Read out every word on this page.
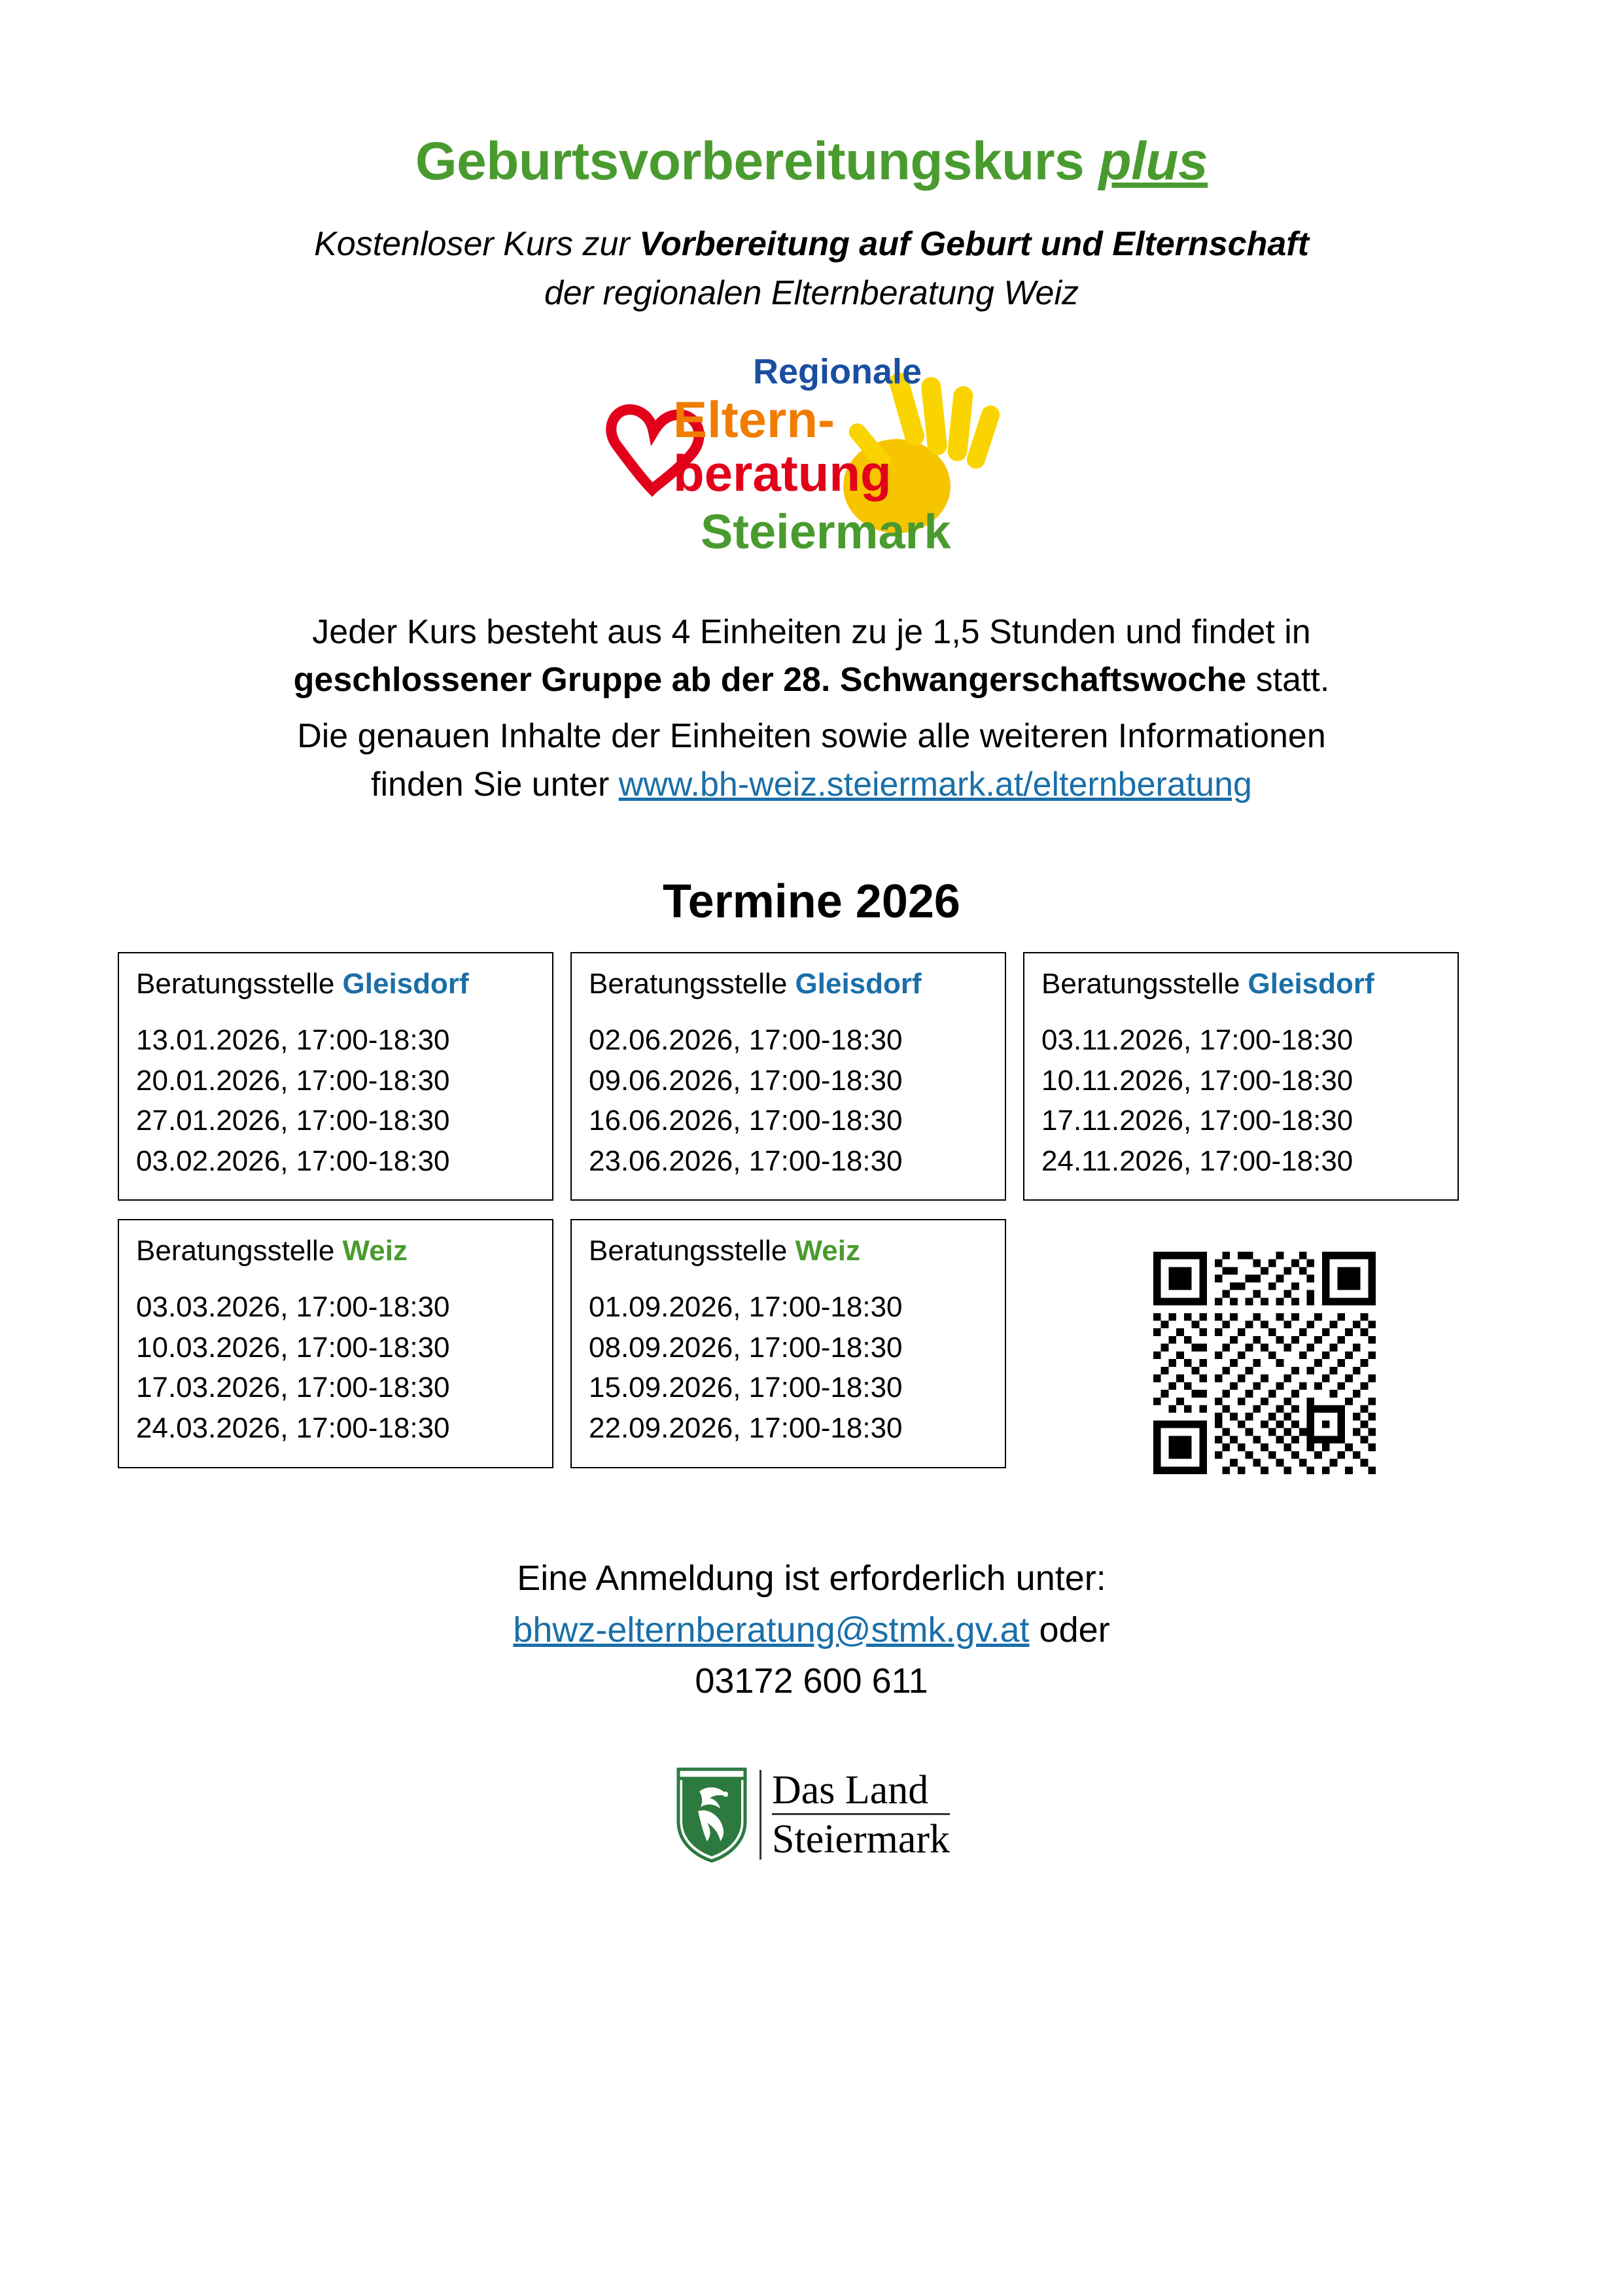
Geburtsvorbereitungskurs plus
Kostenloser Kurs zur Vorbereitung auf Geburt und Elternschaft
der regionalen Elternberatung Weiz
Regionale
Eltern-
beratung
Steiermark

Jeder Kurs besteht aus 4 Einheiten zu je 1,5 Stunden und findet in
geschlossener Gruppe ab der 28. Schwangerschaftswoche statt.

Die genauen Inhalte der Einheiten sowie alle weiteren Informationen
finden Sie unter www.bh-weiz.steiermark.at/elternberatung

Termine 2026
Beratungsstelle Gleisdorf
13.01.2026, 17:00-18:30
20.01.2026, 17:00-18:30
27.01.2026, 17:00-18:30
03.02.2026, 17:00-18:30
Beratungsstelle Gleisdorf
02.06.2026, 17:00-18:30
09.06.2026, 17:00-18:30
16.06.2026, 17:00-18:30
23.06.2026, 17:00-18:30
Beratungsstelle Gleisdorf
03.11.2026, 17:00-18:30
10.11.2026, 17:00-18:30
17.11.2026, 17:00-18:30
24.11.2026, 17:00-18:30
Beratungsstelle Weiz
03.03.2026, 17:00-18:30
10.03.2026, 17:00-18:30
17.03.2026, 17:00-18:30
24.03.2026, 17:00-18:30
Beratungsstelle Weiz
01.09.2026, 17:00-18:30
08.09.2026, 17:00-18:30
15.09.2026, 17:00-18:30
22.09.2026, 17:00-18:30
Eine Anmeldung ist erforderlich unter:
bhwz-elternberatung@stmk.gv.at oder
03172 600 611
Das Land
Steiermark
